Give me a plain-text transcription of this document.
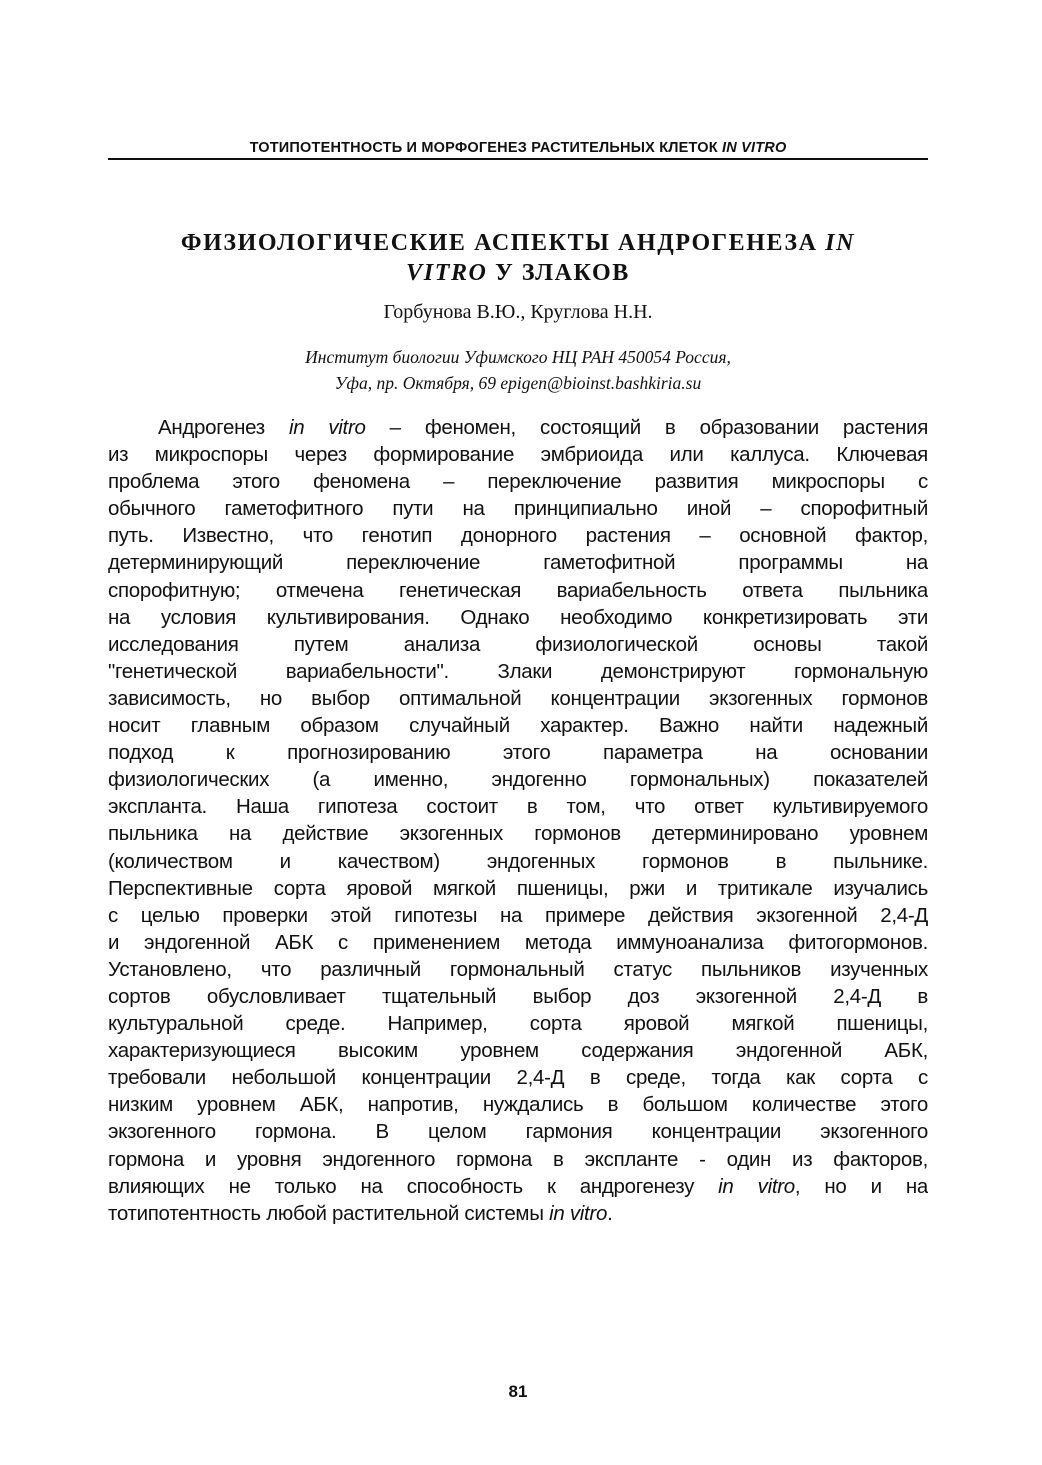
ТОТИПОТЕНТНОСТЬ И МОРФОГЕНЕЗ РАСТИТЕЛЬНЫХ КЛЕТОК IN VITRO
ФИЗИОЛОГИЧЕСКИЕ АСПЕКТЫ АНДРОГЕНЕЗА IN
VITRO У ЗЛАКОВ
Горбунова В.Ю., Круглова Н.Н.
Институт биологии Уфимского НЦ РАН 450054 Россия,
Уфа, пр. Октября, 69 epigen@bioinst.bashkiria.su
Андрогенез in vitro – феномен, состоящий в образовании растения
из микроспоры через формирование эмбриоида или каллуса. Ключевая
проблема этого феномена – переключение развития микроспоры с
обычного гаметофитного пути на принципиально иной – спорофитный
путь. Известно, что генотип донорного растения – основной фактор,
детерминирующий переключение гаметофитной программы на
спорофитную; отмечена генетическая вариабельность ответа пыльника
на условия культивирования. Однако необходимо конкретизировать эти
исследования путем анализа физиологической основы такой
"генетической вариабельности". Злаки демонстрируют гормональную
зависимость, но выбор оптимальной концентрации экзогенных гормонов
носит главным образом случайный характер. Важно найти надежный
подход к прогнозированию этого параметра на основании
физиологических (а именно, эндогенно гормональных) показателей
экспланта. Наша гипотеза состоит в том, что ответ культивируемого
пыльника на действие экзогенных гормонов детерминировано уровнем
(количеством и качеством) эндогенных гормонов в пыльнике.
Перспективные сорта яровой мягкой пшеницы, ржи и тритикале изучались
с целью проверки этой гипотезы на примере действия экзогенной 2,4-Д
и эндогенной АБК с применением метода иммуноанализа фитогормонов.
Установлено, что различный гормональный статус пыльников изученных
сортов обусловливает тщательный выбор доз экзогенной 2,4-Д в
культуральной среде. Например, сорта яровой мягкой пшеницы,
характеризующиеся высоким уровнем содержания эндогенной АБК,
требовали небольшой концентрации 2,4-Д в среде, тогда как сорта с
низким уровнем АБК, напротив, нуждались в большом количестве этого
экзогенного гормона. В целом гармония концентрации экзогенного
гормона и уровня эндогенного гормона в экспланте - один из факторов,
влияющих не только на способность к андрогенезу in vitro, но и на
тотипотентность любой растительной системы in vitro.
81
